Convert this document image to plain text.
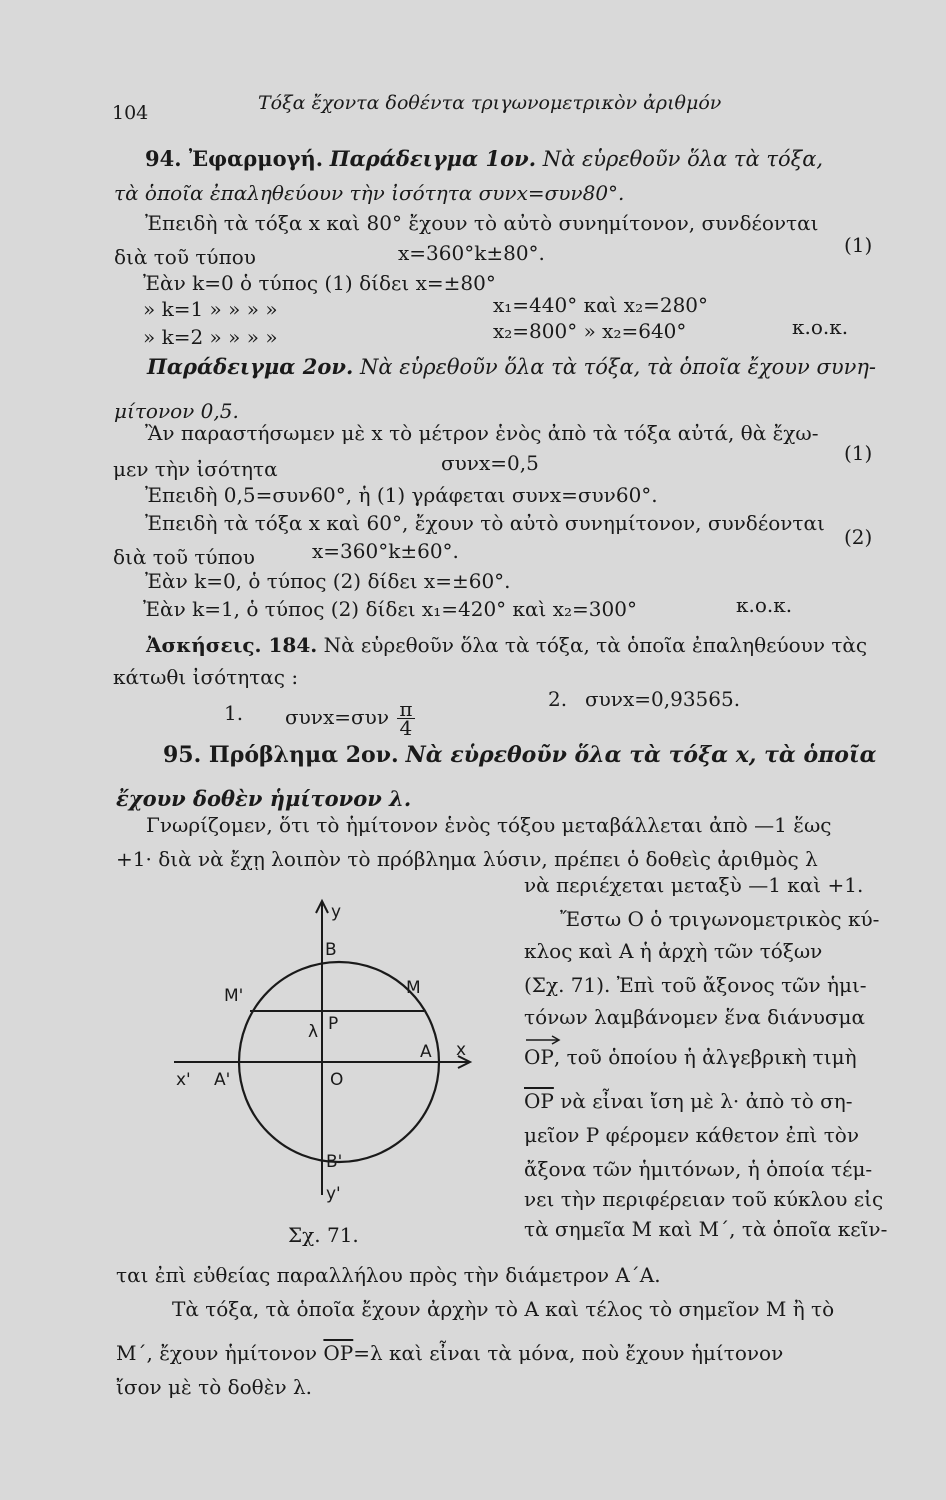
104	Τόξα ἔχοντα δοθέντα τριγωνομετρικὸν ἀριθμόν
94. Ἐφαρμογή. Παράδειγμα 1ον. Νὰ εὑρεθοῦν ὅλα τὰ τόξα,
τὰ ὁποῖα ἐπαληθεύουν τὴν ἰσότητα συνx=συν80°.
Ἐπειδὴ τὰ τόξα x καὶ 80° ἔχουν τὸ αὐτὸ συνημίτονον, συνδέονται
διὰ τοῦ τύπου	x=360°k±80°.	(1)
Ἐὰν k=0 ὁ τύπος (1) δίδει x=±80°
» k=1 » » » »	x₁=440° καὶ x₂=280°
» k=2 » » » »	x₂=800° » x₂=640°	κ.ο.κ.
Παράδειγμα 2ον. Νὰ εὑρεθοῦν ὅλα τὰ τόξα, τὰ ὁποῖα ἔχουν συνη-
μίτονον 0,5.
Ἂν παραστήσωμεν μὲ x τὸ μέτρον ἑνὸς ἀπὸ τὰ τόξα αὐτά, θὰ ἔχω-
μεν τὴν ἰσότητα	συνx=0,5	(1)
Ἐπειδὴ 0,5=συν60°, ἡ (1) γράφεται συνx=συν60°.
Ἐπειδὴ τὰ τόξα x καὶ 60°, ἔχουν τὸ αὐτὸ συνημίτονον, συνδέονται
διὰ τοῦ τύπου	x=360°k±60°.
(2)
Ἐὰν k=0, ὁ τύπος (2) δίδει x=±60°.
Ἐὰν k=1, ὁ τύπος (2) δίδει x₁=420° καὶ x₂=300°	κ.ο.κ.
Ἀσκήσεις. 184. Νὰ εὑρεθοῦν ὅλα τὰ τόξα, τὰ ὁποῖα ἐπαληθεύουν τὰς
κάτωθι ἰσότητας :
1. $\sigma\upsilon\nu x=\sigma\upsilon\nu \frac{\pi}{4}$
2. συνx=0,93565.
95. Πρόβλημα 2ον. Νὰ εὑρεθοῦν ὅλα τὰ τόξα x, τὰ ὁποῖα
ἔχουν δοθὲν ἡμίτονον λ.
Γνωρίζομεν, ὅτι τὸ ἡμίτονον ἑνὸς τόξου μεταβάλλεται ἀπὸ —1 ἕως
+1· διὰ νὰ ἔχῃ λοιπὸν τὸ πρόβλημα λύσιν, πρέπει ὁ δοθεὶς ἀριθμὸς λ
νὰ περιέχεται μεταξὺ —1 καὶ +1.
Ἔστω Ο ὁ τριγωνομετρικὸς κύ-
κλος καὶ Α ἡ ἀρχὴ τῶν τόξων
(Σχ. 71). Ἐπὶ τοῦ ἄξονος τῶν ἡμι-
τόνων λαμβάνομεν ἕνα διάνυσμα
OP, τοῦ ὁποίου ἡ ἀλγεβρικὴ τιμὴ
$\overline{OP}$ νὰ εἶναι ἴση μὲ λ· ἀπὸ τὸ ση-
μεῖον Ρ φέρομεν κάθετον ἐπὶ τὸν
ἄξονα τῶν ἡμιτόνων, ἡ ὁποία τέμ-
νει τὴν περιφέρειαν τοῦ κύκλου εἰς
τὰ σημεῖα Μ καὶ Μ΄, τὰ ὁποῖα κεῖν-
ται ἐπὶ εὐθείας παραλλήλου πρὸς τὴν διάμετρον Α΄Α.
Τὰ τόξα, τὰ ὁποῖα ἔχουν ἀρχὴν τὸ Α καὶ τέλος τὸ σημεῖον Μ ἢ τὸ
Μ΄, ἔχουν ἡμίτονον $\overline{OP}=\lambda$ καὶ εἶναι τὰ μόνα, ποὺ ἔχουν ἡμίτονον
ἴσον μὲ τὸ δοθὲν λ.
y
B
M'	M
P
λ
x' A'	O
A x
B'
y'
Σχ. 71.
